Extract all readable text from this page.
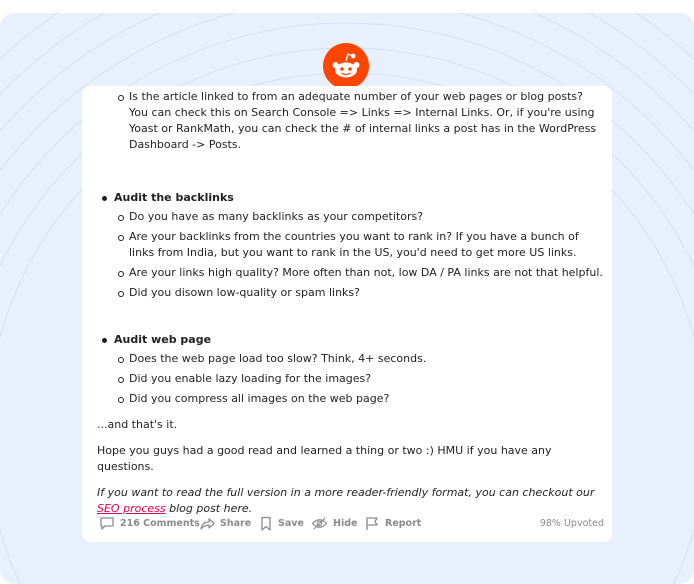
Is the article linked to from an adequate number of your web pages or blog posts? You can check this on Search Console => Links => Internal Links. Or, if you're using Yoast or RankMath, you can check the # of internal links a post has in the WordPress Dashboard -> Posts.
Audit the backlinks
Do you have as many backlinks as your competitors?
Are your backlinks from the countries you want to rank in? If you have a bunch of links from India, but you want to rank in the US, you'd need to get more US links.
Are your links high quality? More often than not, low DA / PA links are not that helpful.
Did you disown low-quality or spam links?
Audit web page
Does the web page load too slow? Think, 4+ seconds.
Did you enable lazy loading for the images?
Did you compress all images on the web page?

...and that's it.

Hope you guys had a good read and learned a thing or two :) HMU if you have any questions.

If you want to read the full version in a more reader-friendly format, you can checkout our SEO process blog post here.

216 Comments Share	Save	Hide	Report	98% Upvoted
